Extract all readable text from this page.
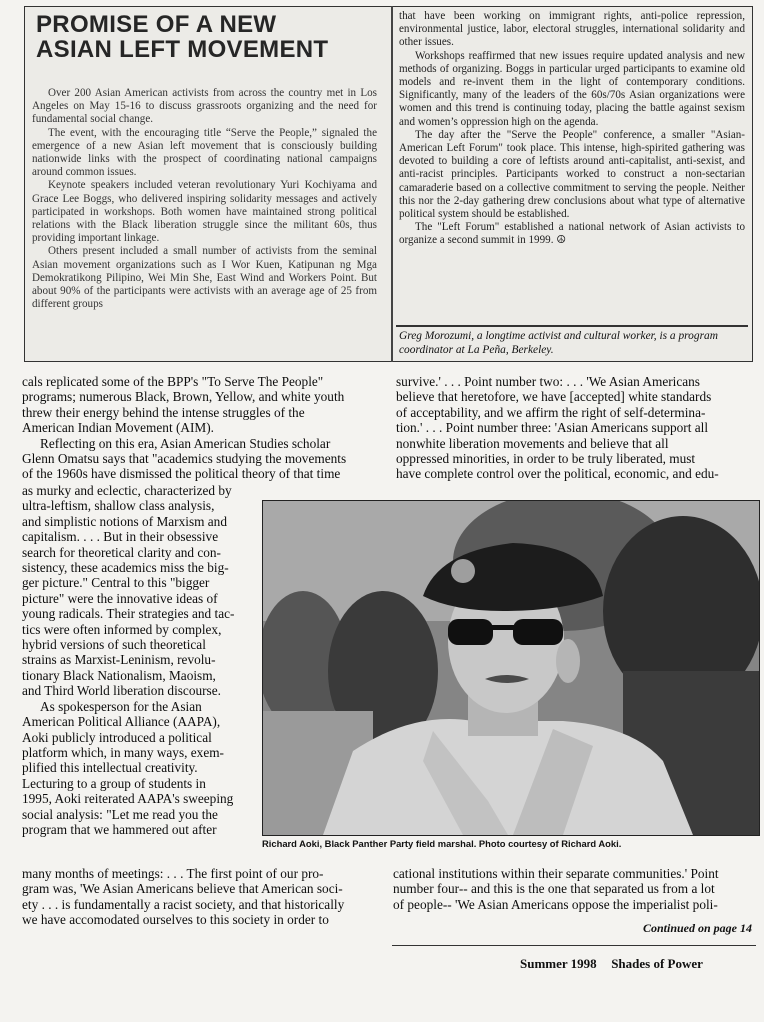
PROMISE OF A NEW
ASIAN LEFT MOVEMENT

Over 200 Asian American activists from across the country met in Los Angeles on May 15-16 to discuss grassroots organizing and the need for fundamental social change.

The event, with the encouraging title “Serve the People,” signaled the emergence of a new Asian left movement that is consciously building nationwide links with the prospect of coordinating national campaigns around common issues.

Keynote speakers included veteran revolutionary Yuri Kochiyama and Grace Lee Boggs, who delivered inspiring solidarity messages and actively participated in workshops. Both women have maintained strong political relations with the Black liberation struggle since the militant 60s, thus providing important linkage.

Others present included a small number of activists from the seminal Asian movement organizations such as I Wor Kuen, Katipunan ng Mga Demokratikong Pilipino, Wei Min She, East Wind and Workers Point. But about 90% of the participants were activists with an average age of 25 from different groups

that have been working on immigrant rights, anti-police repression, environmental justice, labor, electoral struggles, international solidarity and other issues.

Workshops reaffirmed that new issues require updated analysis and new methods of organizing. Boggs in particular urged participants to examine old models and re-invent them in the light of contemporary conditions. Significantly, many of the leaders of the 60s/70s Asian organizations were women and this trend is continuing today, placing the battle against sexism and women’s oppression high on the agenda.

The day after the "Serve the People" conference, a smaller "Asian-American Left Forum" took place. This intense, high-spirited gathering was devoted to building a core of leftists around anti-capitalist, anti-sexist, and anti-racist principles. Participants worked to construct a non-sectarian camaraderie based on a collective commitment to serving the people. Neither this nor the 2-day gathering drew conclusions about what type of alternative political system should be established.

The "Left Forum" established a national network of Asian activists to organize a second summit in 1999. ☮

Greg Morozumi, a longtime activist and cultural worker, is a program coordinator at La Peña, Berkeley.

cals replicated some of the BPP's "To Serve The People"

programs; numerous Black, Brown, Yellow, and white youth

threw their energy behind the intense struggles of the

American Indian Movement (AIM).

Reflecting on this era, Asian American Studies scholar

Glenn Omatsu says that "academics studying the movements

of the 1960s have dismissed the political theory of that time

as murky and eclectic, characterized by

ultra-leftism, shallow class analysis,

and simplistic notions of Marxism and

capitalism. . . . But in their obsessive

search for theoretical clarity and con-

sistency, these academics miss the big-

ger picture." Central to this "bigger

picture" were the innovative ideas of

young radicals. Their strategies and tac-

tics were often informed by complex,

hybrid versions of such theoretical

strains as Marxist-Leninism, revolu-

tionary Black Nationalism, Maoism,

and Third World liberation discourse.

As spokesperson for the Asian

American Political Alliance (AAPA),

Aoki publicly introduced a political

platform which, in many ways, exem-

plified this intellectual creativity.

Lecturing to a group of students in

1995, Aoki reiterated AAPA's sweeping

social analysis: "Let me read you the

program that we hammered out after

many months of meetings: . . . The first point of our pro-

gram was, 'We Asian Americans believe that American soci-

ety . . . is fundamentally a racist society, and that historically

we have accomodated ourselves to this society in order to

survive.' . . . Point number two: . . . 'We Asian Americans

believe that heretofore, we have [accepted] white standards

of acceptability, and we affirm the right of self-determina-

tion.' . . . Point number three: 'Asian Americans support all

nonwhite liberation movements and believe that all

oppressed minorities, in order to be truly liberated, must

have complete control over the political, economic, and edu-

cational institutions within their separate communities.' Point

number four-- and this is the one that separated us from a lot

of people-- 'We Asian Americans oppose the imperialist poli-

Continued on page 14
Richard Aoki, Black Panther Party field marshal. Photo courtesy of Richard Aoki.
Summer 1998 Shades of Power
